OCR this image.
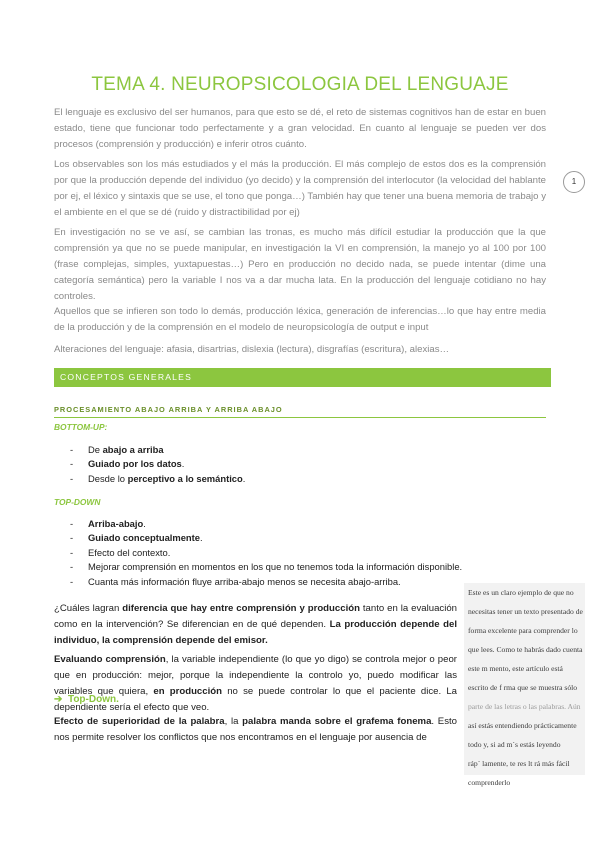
TEMA 4. NEUROPSICOLOGIA DEL LENGUAJE

El lenguaje es exclusivo del ser humanos, para que esto se dé, el reto de sistemas cognitivos han de estar en buen estado, tiene que funcionar todo perfectamente y a gran velocidad. En cuanto al lenguaje se pueden ver dos procesos (comprensión y producción) e inferir otros cuánto.

Los observables son los más estudiados y el más la producción. El más complejo de estos dos es la comprensión por que la producción depende del individuo (yo decido) y la comprensión del interlocutor (la velocidad del hablante por ej, el léxico y sintaxis que se use, el tono que ponga…) También hay que tener una buena memoria de trabajo y el ambiente en el que se dé (ruido y distractibilidad por ej)

En investigación no se ve así, se cambian las tronas, es mucho más difícil estudiar la producción que la que comprensión ya que no se puede manipular, en investigación la VI en comprensión, la manejo yo al 100 por 100 (frase complejas, simples, yuxtapuestas…) Pero en producción no decido nada, se puede intentar (dime una categoría semántica) pero la variable I nos va a dar mucha lata. En la producción del lenguaje cotidiano no hay controles.

Aquellos que se infieren son todo lo demás, producción léxica, generación de inferencias…lo que hay entre media de la producción y de la comprensión en el modelo de neuropsicología de output e input

Alteraciones del lenguaje: afasia, disartrias, dislexia (lectura), disgrafías (escritura), alexias…

1
CONCEPTOS GENERALES
PROCESAMIENTO ABAJO ARRIBA Y ARRIBA ABAJO
BOTTOM-UP:
- De abajo a arriba
- Guiado por los datos.
- Desde lo perceptivo a lo semántico.
TOP-DOWN
- Arriba-abajo.
- Guiado conceptualmente.
- Efecto del contexto.
- Mejorar comprensión en momentos en los que no tenemos toda la información disponible.
- Cuanta más información fluye arriba-abajo menos se necesita abajo-arriba.

¿Cuáles lagran diferencia que hay entre comprensión y producción tanto en la evaluación como en la intervención? Se diferencian en de qué dependen. La producción depende del individuo, la comprensión depende del emisor.

Evaluando comprensión, la variable independiente (lo que yo digo) se controla mejor o peor que en producción: mejor, porque la independiente la controlo yo, puedo modificar las variables que quiera, en producción no se puede controlar lo que el paciente dice. La dependiente sería el efecto que veo.

➔ Top-Down.

Efecto de superioridad de la palabra, la palabra manda sobre el grafema fonema. Esto nos permite resolver los conflictos que nos encontramos en el lenguaje por ausencia de

Este es un claro ejemplo de que no
necesitas tener un texto presentado de
forma excelente para comprender lo
que lees. Como te habrás dado cuenta
este m mento, este artículo está
escrito de f rma que se muestra sólo
parte de las letras o las palabras. Aún
así estás entendiendo prácticamente
todo y, si ad m´s estás leyendo
ráp´ lamente, te res lt rá más fácil
comprenderlo
